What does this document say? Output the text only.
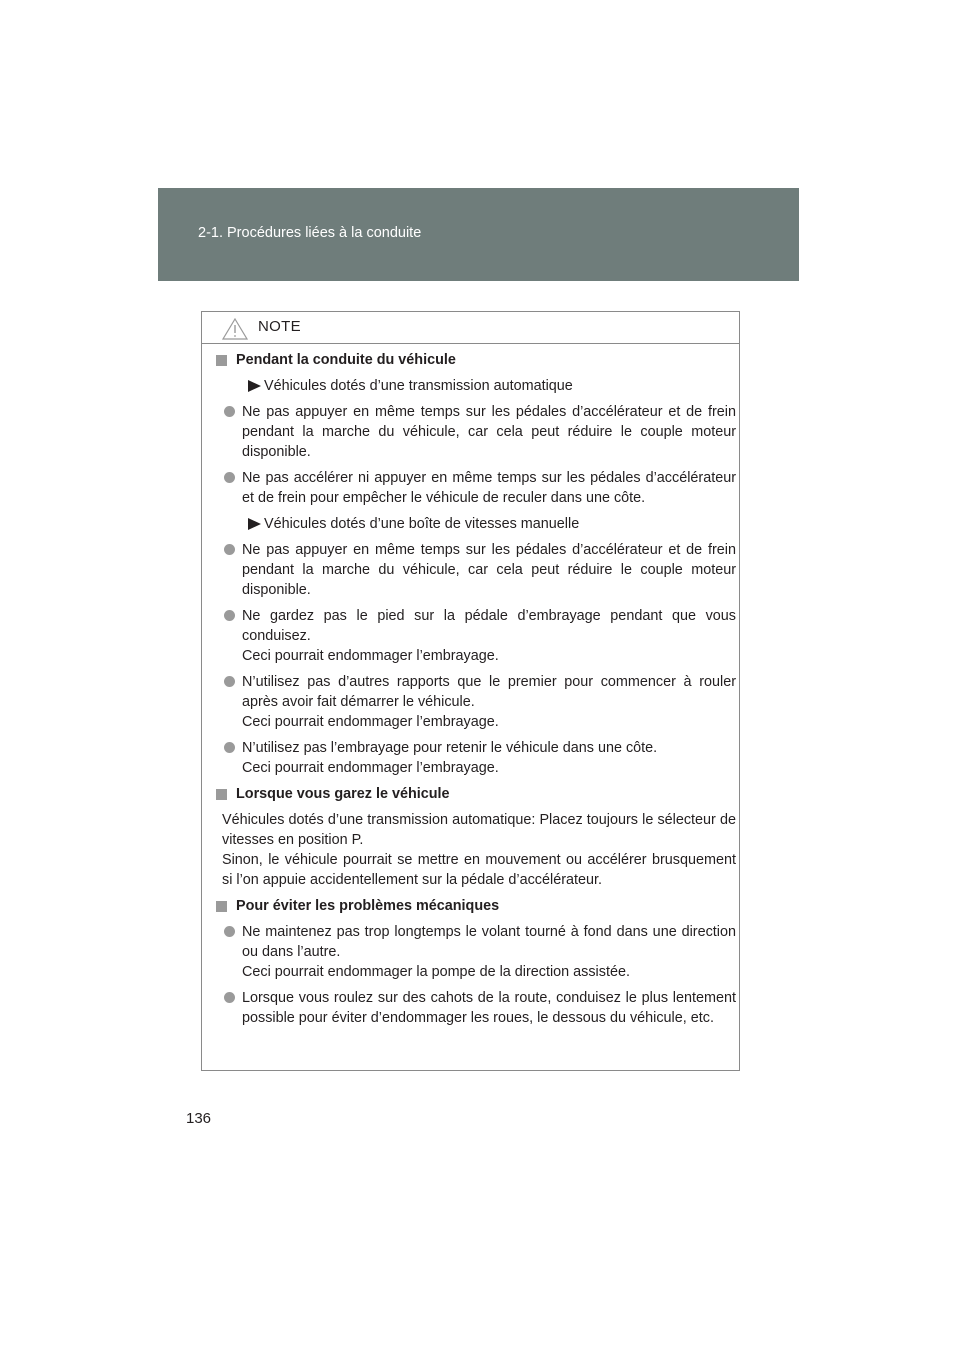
2-1. Procédures liées à la conduite
NOTE
Pendant la conduite du véhicule
Véhicules dotés d’une transmission automatique
Ne pas appuyer en même temps sur les pédales d’accélérateur et de frein pendant la marche du véhicule, car cela peut réduire le couple moteur disponible.
Ne pas accélérer ni appuyer en même temps sur les pédales d’accélérateur et de frein pour empêcher le véhicule de reculer dans une côte.
Véhicules dotés d’une boîte de vitesses manuelle
Ne pas appuyer en même temps sur les pédales d’accélérateur et de frein pendant la marche du véhicule, car cela peut réduire le couple moteur disponible.
Ne gardez pas le pied sur la pédale d’embrayage pendant que vous conduisez.
Ceci pourrait endommager l’embrayage.
N’utilisez pas d’autres rapports que le premier pour commencer à rouler après avoir fait démarrer le véhicule.
Ceci pourrait endommager l’embrayage.
N’utilisez pas l’embrayage pour retenir le véhicule dans une côte.
Ceci pourrait endommager l’embrayage.
Lorsque vous garez le véhicule
Véhicules dotés d’une transmission automatique: Placez toujours le sélecteur de vitesses en position P.
Sinon, le véhicule pourrait se mettre en mouvement ou accélérer brusquement si l’on appuie accidentellement sur la pédale d’accélérateur.
Pour éviter les problèmes mécaniques
Ne maintenez pas trop longtemps le volant tourné à fond dans une direction ou dans l’autre.
Ceci pourrait endommager la pompe de la direction assistée.
Lorsque vous roulez sur des cahots de la route, conduisez le plus lentement possible pour éviter d’endommager les roues, le dessous du véhicule, etc.
136
